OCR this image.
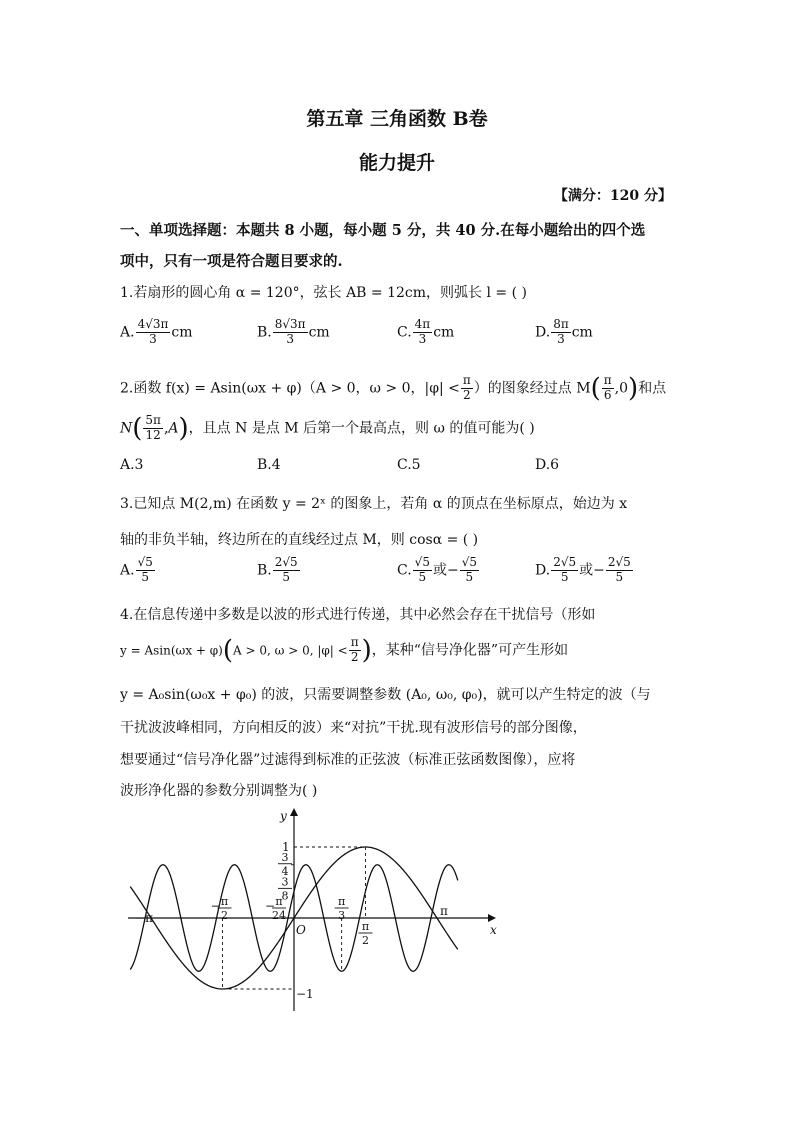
第五章 三角函数 B卷
能力提升
【满分：120 分】
一、单项选择题：本题共 8 小题，每小题 5 分，共 40 分.在每小题给出的四个选
项中，只有一项是符合题目要求的.
1.若扇形的圆心角 α = 120°，弦长 AB = 12cm，则弧长 l = ( )
A. $\frac{4√3\pi}{3}$ cm	B. $\frac{8√3\pi}{3}$ cm	C. $\frac{4\pi}{3}$ cm	D. $\frac{8\pi}{3}$ cm
2.函数 f(x) = Asin(ωx + φ)（A > 0，ω > 0，$|\varphi| < \frac{\pi}{2}$ ）的图象经过点 $M( \frac{\pi}{6} ,0)$和点
$N( \frac{5\pi}{12} ,A)$，且点 N 是点 M 后第一个最高点，则 ω 的值可能为( )
A.3	B.4	C.5	D.6
3.已知点 M(2,m) 在函数 y = 2ˣ 的图象上，若角 α 的顶点在坐标原点，始边为 x
轴的非负半轴，终边所在的直线经过点 M，则 cosα = ( )
A. $\frac{√5}{5}$	B. $\frac{2√5}{5}$	C. $\frac{√5}{5}$ 或− $\frac{√5}{5}$	D. $\frac{2√5}{5}$ 或− $\frac{2√5}{5}$
4.在信息传递中多数是以波的形式进行传递，其中必然会存在干扰信号（形如
y = Asin(ωx + φ)(A > 0, ω > 0, $|\varphi| < \frac{\pi}{2}$ )，某种“信号净化器”可产生形如
y = A₀sin(ω₀x + φ₀) 的波，只需要调整参数 (A₀, ω₀, φ₀)，就可以产生特定的波（与
干扰波波峰相同，方向相反的波）来“对抗”干扰.现有波形信号的部分图像，
想要通过“信号净化器”过滤得到标准的正弦波（标准正弦函数图像），应将
波形净化器的参数分别调整为( )
x
y
O
−π
− π
2
− π
24
π
3
π
2
π
1
3
4
3
8
−1
